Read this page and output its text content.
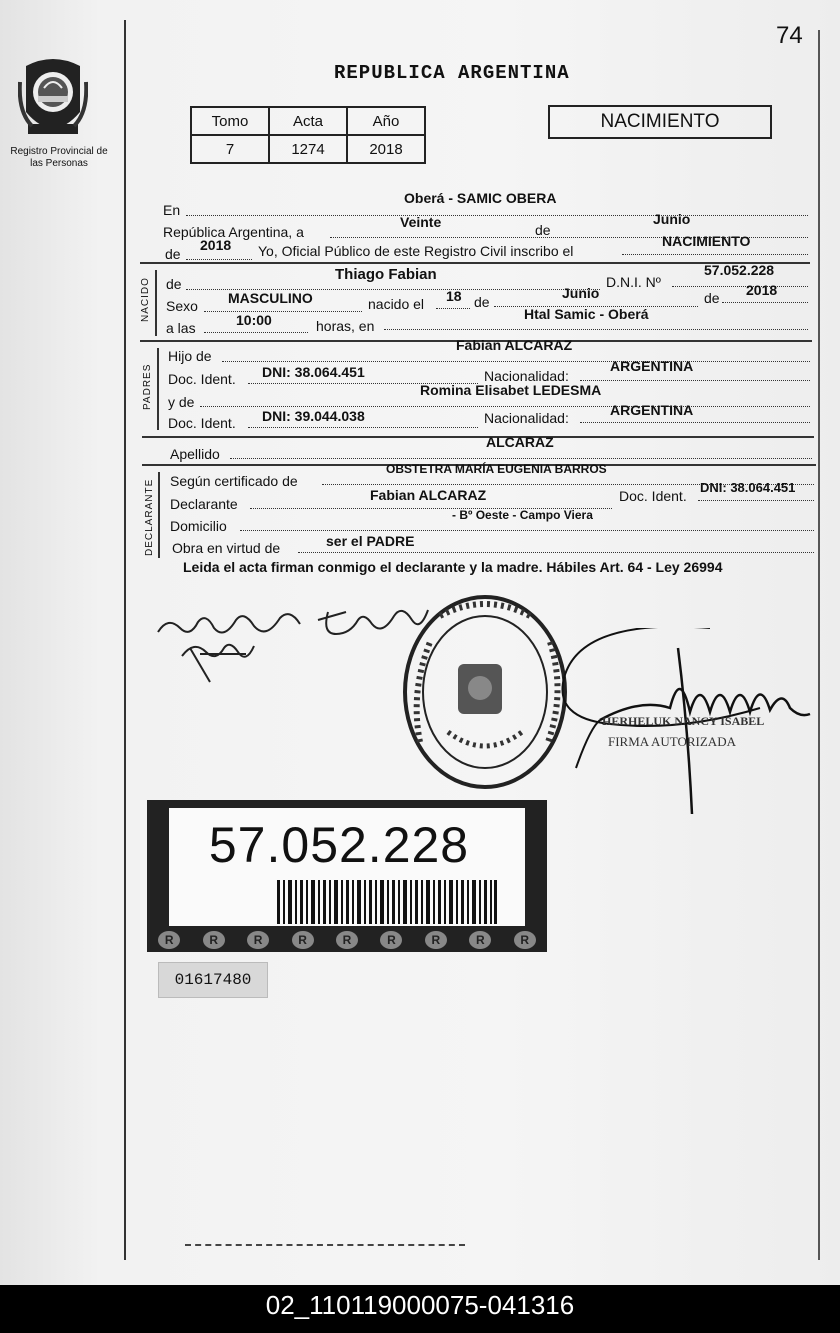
74
Registro Provincial de las Personas
REPUBLICA ARGENTINA
Tomo	Acta	Año
7	1274	2018
NACIMIENTO
En
Oberá - SAMIC OBERA
República Argentina, a
Veinte	de
Junio
de
2018 Yo, Oficial Público de este Registro Civil inscribo el
NACIMIENTO
NACIDO de
Thiago Fabian	D.N.I. Nº
57.052.228
Sexo MASCULINO	nacido el 18 de
Junio	de 2018
a las	10:00	horas, en
Htal Samic - Oberá
PADRES
Hijo de
Fabian ALCARAZ
Doc. Ident. DNI: 38.064.451	Nacionalidad:
ARGENTINA
y de
Romina Elisabet LEDESMA
Doc. Ident. DNI: 39.044.038	Nacionalidad:	ARGENTINA
Apellido
ALCARAZ
DECLARANTE Según certificado de
OBSTETRA MARÍA EUGENIA BARROS
Declarante
Fabian ALCARAZ	Doc. Ident.
DNI: 38.064.451
Domicilio
- Bº Oeste - Campo Viera
Obra en virtud de	ser el PADRE
Leida el acta firman conmigo el declarante y la madre. Hábiles Art. 64 - Ley 26994
HERHELUK NANCY ISABEL
FIRMA AUTORIZADA
57.052.228
R	R	R	R	R	R	R	R	R
01617480
02_110119000075-041316
